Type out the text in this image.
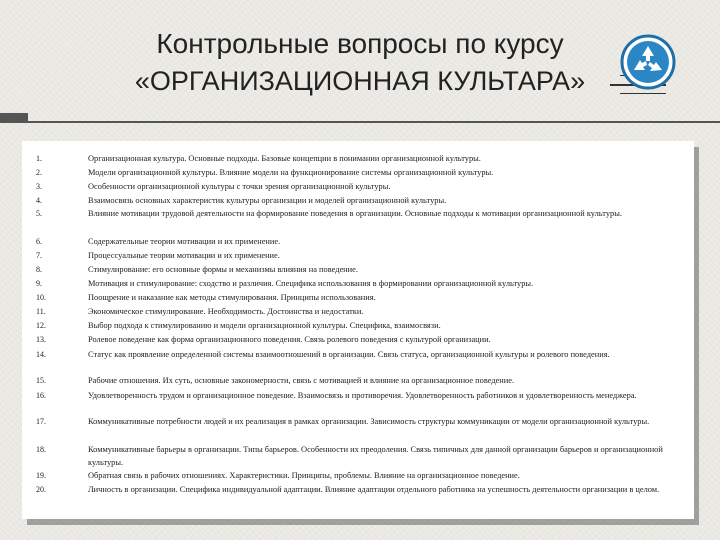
Контрольные вопросы по курсу
«ОРГАНИЗАЦИОННАЯ КУЛЬТАРА»
1.	Организационная культура. Основные подходы. Базовые концепции в понимании организационной культуры.
2.	Модели организационной культуры. Влияние модели на функционирование системы организационной культуры.
3.	Особенности организационной культуры с точки зрения организационной культуры.
4.	Взаимосвязь основных характеристик культуры организации и моделей организационной культуры.
5.	Влияние мотивации трудовой деятельности на формирование поведения в организации. Основные подходы к мотивации организационной культуры.
6.	Содержательные теории мотивации и их применение.
7.	Процессуальные теории мотивации и их применение.
8.	Стимулирование: его основные формы и механизмы влияния на поведение.
9.	Мотивация и стимулирование: сходство и различия. Специфика использования в формировании организационной культуры.
10.	Поощрение и наказание как методы стимулирования. Принципы использования.
11.	Экономическое стимулирование. Необходимость. Достоинства и недостатки.
12.	Выбор подхода к стимулированию и модели организационной культуры. Специфика, взаимосвязи.
13.	Ролевое поведение как форма организационного поведения. Связь ролевого поведения с культурой организации.
14.	Статус как проявление определенной системы взаимоотношений в организации. Связь статуса, организационной культуры и ролевого поведения.
15.	Рабочие отношения. Их суть, основные закономерности, связь с мотивацией и влияние на организационное поведение.
16.	Удовлетворенность трудом и организационное поведение. Взаимосвязь и противоречия. Удовлетворенность работников и удовлетворенность менеджера.
17.	Коммуникативные потребности людей и их реализация в рамках организации. Зависимость структуры коммуникации от модели организационной культуры.
18.	Коммуникативные барьеры в организации. Типы барьеров. Особенности их преодоления. Связь типичных для данной организации барьеров и организационной культуры.
19.	Обратная связь в рабочих отношениях. Характеристики. Принципы, проблемы. Влияние на организационное поведение.
20.	Личность в организации. Специфика индивидуальной адаптации. Влияние адаптации отдельного работника на успешность деятельности организации в целом.
